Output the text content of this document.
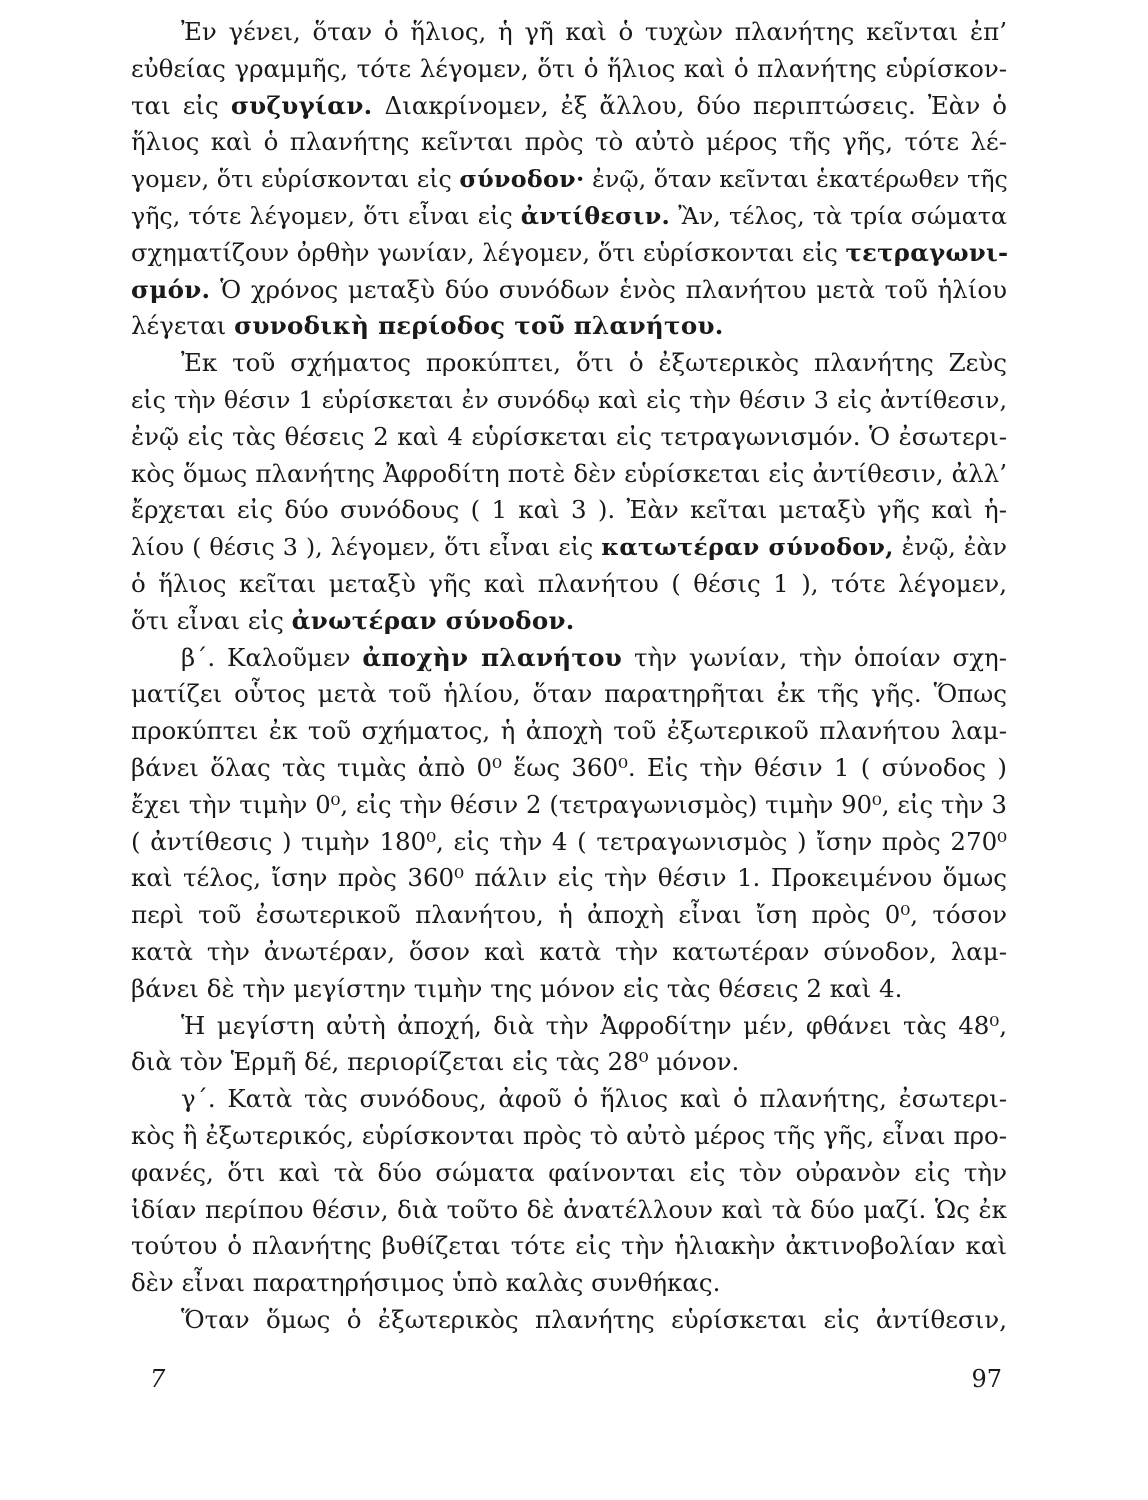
Ἐν γένει, ὅταν ὁ ἥλιος, ἡ γῆ καὶ ὁ τυχὼν πλανήτης κεῖνται ἐπ’
εὐθείας γραμμῆς, τότε λέγομεν, ὅτι ὁ ἥλιος καὶ ὁ πλανήτης εὑρίσκον-
ται εἰς συζυγίαν. Διακρίνομεν, ἐξ ἄλλου, δύο περιπτώσεις. Ἐὰν ὁ
ἥλιος καὶ ὁ πλανήτης κεῖνται πρὸς τὸ αὐτὸ μέρος τῆς γῆς, τότε λέ-
γομεν, ὅτι εὑρίσκονται εἰς σύνοδον· ἐνῷ, ὅταν κεῖνται ἑκατέρωθεν τῆς
γῆς, τότε λέγομεν, ὅτι εἶναι εἰς ἀντίθεσιν. Ἂν, τέλος, τὰ τρία σώματα
σχηματίζουν ὀρθὴν γωνίαν, λέγομεν, ὅτι εὑρίσκονται εἰς τετραγωνι-
σμόν. Ὁ χρόνος μεταξὺ δύο συνόδων ἑνὸς πλανήτου μετὰ τοῦ ἡλίου
λέγεται συνοδικὴ περίοδος τοῦ πλανήτου.
Ἐκ τοῦ σχήματος προκύπτει, ὅτι ὁ ἐξωτερικὸς πλανήτης Ζεὺς
εἰς τὴν θέσιν 1 εὑρίσκεται ἐν συνόδῳ καὶ εἰς τὴν θέσιν 3 εἰς ἀντίθεσιν,
ἐνῷ εἰς τὰς θέσεις 2 καὶ 4 εὑρίσκεται εἰς τετραγωνισμόν. Ὁ ἐσωτερι-
κὸς ὅμως πλανήτης Ἀφροδίτη ποτὲ δὲν εὑρίσκεται εἰς ἀντίθεσιν, ἀλλ’
ἔρχεται εἰς δύο συνόδους ( 1 καὶ 3 ). Ἐὰν κεῖται μεταξὺ γῆς καὶ ἡ-
λίου ( θέσις 3 ), λέγομεν, ὅτι εἶναι εἰς κατωτέραν σύνοδον, ἐνῷ, ἐὰν
ὁ ἥλιος κεῖται μεταξὺ γῆς καὶ πλανήτου ( θέσις 1 ), τότε λέγομεν,
ὅτι εἶναι εἰς ἀνωτέραν σύνοδον.
β΄. Καλοῦμεν ἀποχὴν πλανήτου τὴν γωνίαν, τὴν ὁποίαν σχη-
ματίζει οὗτος μετὰ τοῦ ἡλίου, ὅταν παρατηρῆται ἐκ τῆς γῆς. Ὅπως
προκύπτει ἐκ τοῦ σχήματος, ἡ ἀποχὴ τοῦ ἐξωτερικοῦ πλανήτου λαμ-
βάνει ὅλας τὰς τιμὰς ἀπὸ 0⁰ ἕως 360⁰. Εἰς τὴν θέσιν 1 ( σύνοδος )
ἔχει τὴν τιμὴν 0⁰, εἰς τὴν θέσιν 2 (τετραγωνισμὸς) τιμὴν 90⁰, εἰς τὴν 3
( ἀντίθεσις ) τιμὴν 180⁰, εἰς τὴν 4 ( τετραγωνισμὸς ) ἴσην πρὸς 270⁰
καὶ τέλος, ἴσην πρὸς 360⁰ πάλιν εἰς τὴν θέσιν 1. Προκειμένου ὅμως
περὶ τοῦ ἐσωτερικοῦ πλανήτου, ἡ ἀποχὴ εἶναι ἴση πρὸς 0⁰, τόσον
κατὰ τὴν ἀνωτέραν, ὅσον καὶ κατὰ τὴν κατωτέραν σύνοδον, λαμ-
βάνει δὲ τὴν μεγίστην τιμὴν της μόνον εἰς τὰς θέσεις 2 καὶ 4.
Ἡ μεγίστη αὐτὴ ἀποχή, διὰ τὴν Ἀφροδίτην μέν, φθάνει τὰς 48⁰,
διὰ τὸν Ἑρμῆ δέ, περιορίζεται εἰς τὰς 28⁰ μόνον.
γ΄. Κατὰ τὰς συνόδους, ἀφοῦ ὁ ἥλιος καὶ ὁ πλανήτης, ἐσωτερι-
κὸς ἢ ἐξωτερικός, εὑρίσκονται πρὸς τὸ αὐτὸ μέρος τῆς γῆς, εἶναι προ-
φανές, ὅτι καὶ τὰ δύο σώματα φαίνονται εἰς τὸν οὐρανὸν εἰς τὴν
ἰδίαν περίπου θέσιν, διὰ τοῦτο δὲ ἀνατέλλουν καὶ τὰ δύο μαζί. Ὡς ἐκ
τούτου ὁ πλανήτης βυθίζεται τότε εἰς τὴν ἡλιακὴν ἀκτινοβολίαν καὶ
δὲν εἶναι παρατηρήσιμος ὑπὸ καλὰς συνθήκας.
Ὅταν ὅμως ὁ ἐξωτερικὸς πλανήτης εὑρίσκεται εἰς ἀντίθεσιν,
7	97
